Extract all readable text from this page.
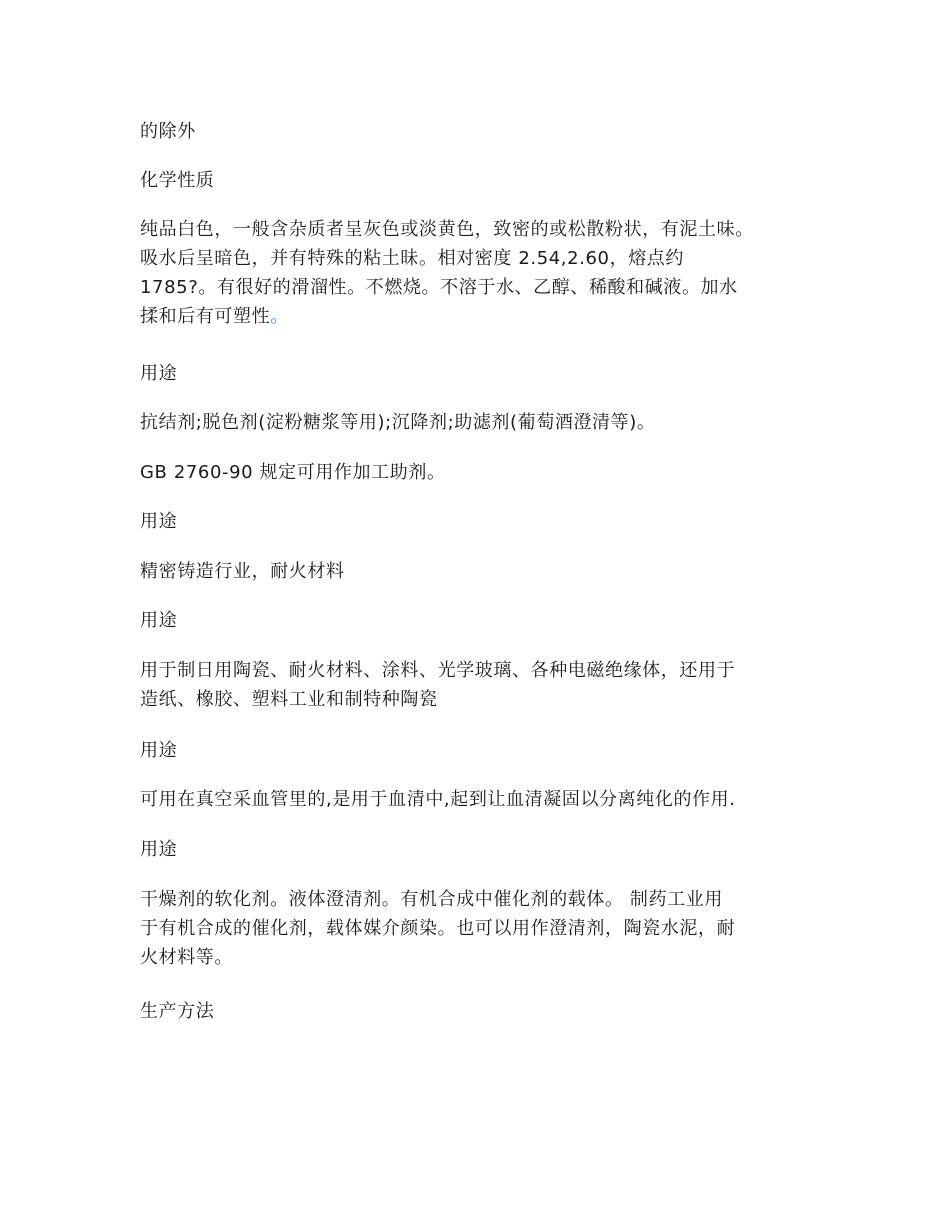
的除外

化学性质

纯品白色，一般含杂质者呈灰色或淡黄色，致密的或松散粉状，有泥土味。
吸水后呈暗色，并有特殊的粘土昧。相对密度 2.54,2.60，熔点约
1785?。有很好的滑溜性。不燃烧。不溶于水、乙醇、稀酸和碱液。加水
揉和后有可塑性。

用途

抗结剂;脱色剂(淀粉糖浆等用);沉降剂;助滤剂(葡萄酒澄清等)。

GB 2760-90 规定可用作加工助剂。

用途

精密铸造行业，耐火材料

用途

用于制日用陶瓷、耐火材料、涂料、光学玻璃、各种电磁绝缘体，还用于
造纸、橡胶、塑料工业和制特种陶瓷

用途

可用在真空采血管里的,是用于血清中,起到让血清凝固以分离纯化的作用.

用途

干燥剂的软化剂。液体澄清剂。有机合成中催化剂的载体。 制药工业用
于有机合成的催化剂，载体媒介颜染。也可以用作澄清剂，陶瓷水泥，耐
火材料等。

生产方法
